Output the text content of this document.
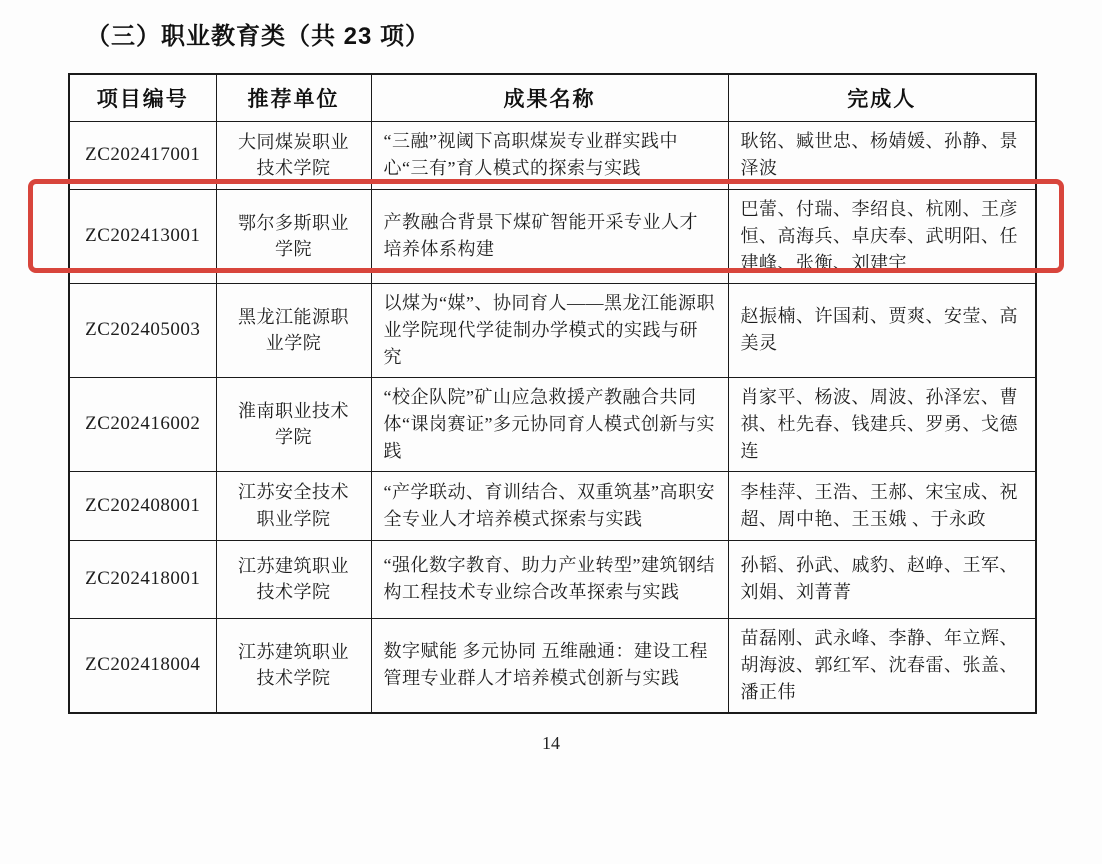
（三）职业教育类（共 23 项）
项目编号	推荐单位	成果名称	完成人
ZC202417001	大同煤炭职业技术学院	“三融”视阈下高职煤炭专业群实践中心“三有”育人模式的探索与实践	耿铭、臧世忠、杨婧媛、孙静、景泽波
ZC202413001	鄂尔多斯职业学院	产教融合背景下煤矿智能开采专业人才培养体系构建	巴蕾、付瑞、李绍良、杭刚、王彦恒、高海兵、卓庆奉、武明阳、任建峰、张衡、刘建宇
ZC202405003	黑龙江能源职业学院	以煤为“媒”、协同育人——黑龙江能源职业学院现代学徒制办学模式的实践与研究	赵振楠、许国莉、贾爽、安莹、高美灵
ZC202416002	淮南职业技术学院	“校企队院”矿山应急救援产教融合共同体“课岗赛证”多元协同育人模式创新与实践	肖家平、杨波、周波、孙泽宏、曹祺、杜先春、钱建兵、罗勇、戈德连
ZC202408001	江苏安全技术职业学院	“产学联动、育训结合、双重筑基”高职安全专业人才培养模式探索与实践	李桂萍、王浩、王郝、宋宝成、祝超、周中艳、王玉娥 、于永政
ZC202418001	江苏建筑职业技术学院	“强化数字教育、助力产业转型”建筑钢结构工程技术专业综合改革探索与实践	孙韬、孙武、戚豹、赵峥、王军、刘娟、刘菁菁
ZC202418004	江苏建筑职业技术学院	数字赋能 多元协同 五维融通：建设工程管理专业群人才培养模式创新与实践	苗磊刚、武永峰、李静、年立辉、胡海波、郭红军、沈春雷、张盖、潘正伟
14
